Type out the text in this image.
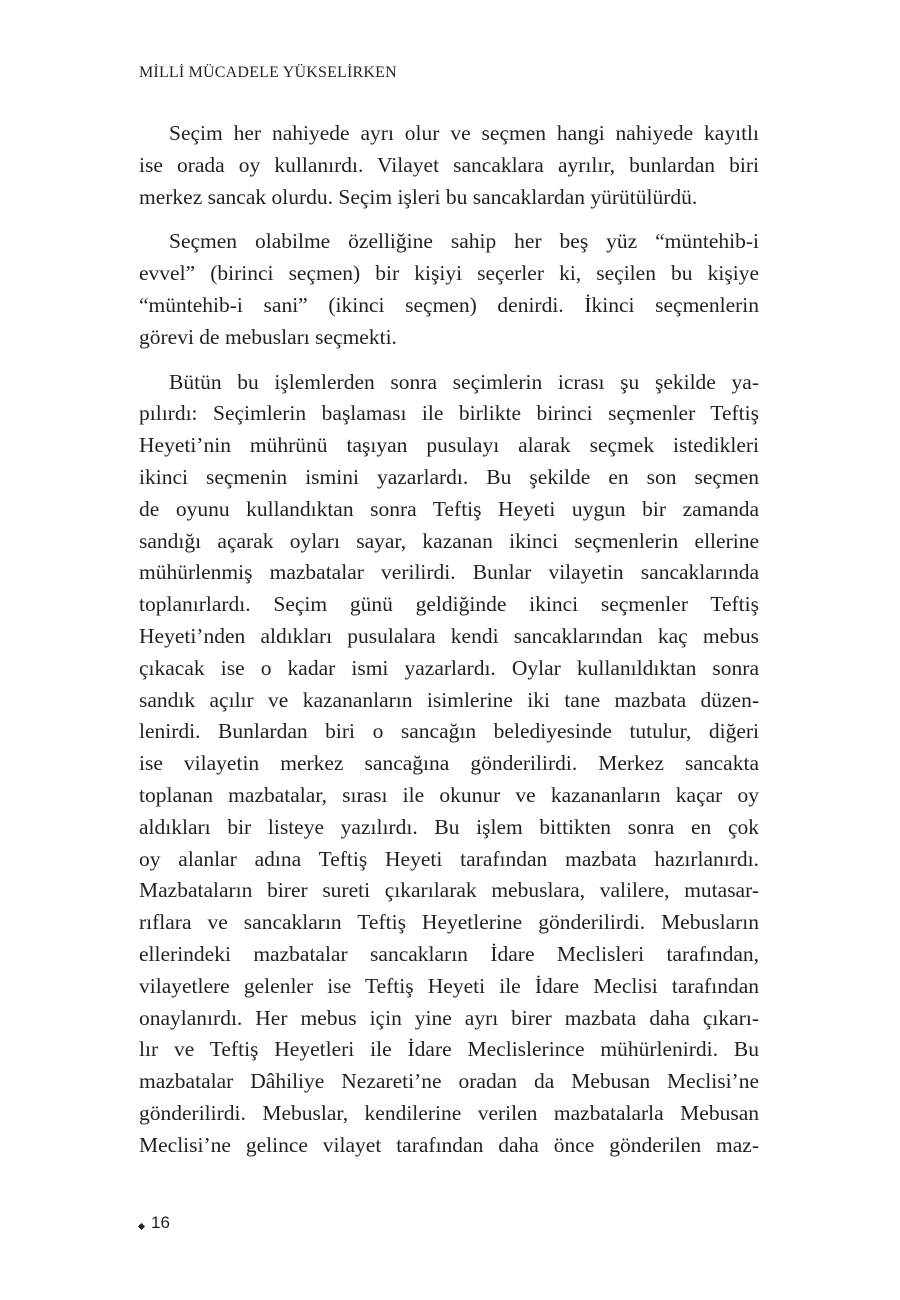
MİLLİ MÜCADELE YÜKSELİRKEN
Seçim her nahiyede ayrı olur ve seçmen hangi nahiyede kayıtlı
ise orada oy kullanırdı. Vilayet sancaklara ayrılır, bunlardan biri
merkez sancak olurdu. Seçim işleri bu sancaklardan yürütülürdü.
Seçmen olabilme özelliğine sahip her beş yüz “müntehib-i
evvel” (birinci seçmen) bir kişiyi seçerler ki, seçilen bu kişiye
“müntehib-i sani” (ikinci seçmen) denirdi. İkinci seçmenlerin
görevi de mebusları seçmekti.
Bütün bu işlemlerden sonra seçimlerin icrası şu şekilde ya-
pılırdı: Seçimlerin başlaması ile birlikte birinci seçmenler Teftiş
Heyeti’nin mührünü taşıyan pusulayı alarak seçmek istedikleri
ikinci seçmenin ismini yazarlardı. Bu şekilde en son seçmen
de oyunu kullandıktan sonra Teftiş Heyeti uygun bir zamanda
sandığı açarak oyları sayar, kazanan ikinci seçmenlerin ellerine
mühürlenmiş mazbatalar verilirdi. Bunlar vilayetin sancaklarında
toplanırlardı. Seçim günü geldiğinde ikinci seçmenler Teftiş
Heyeti’nden aldıkları pusulalara kendi sancaklarından kaç mebus
çıkacak ise o kadar ismi yazarlardı. Oylar kullanıldıktan sonra
sandık açılır ve kazananların isimlerine iki tane mazbata düzen-
lenirdi. Bunlardan biri o sancağın belediyesinde tutulur, diğeri
ise vilayetin merkez sancağına gönderilirdi. Merkez sancakta
toplanan mazbatalar, sırası ile okunur ve kazananların kaçar oy
aldıkları bir listeye yazılırdı. Bu işlem bittikten sonra en çok
oy alanlar adına Teftiş Heyeti tarafından mazbata hazırlanırdı.
Mazbataların birer sureti çıkarılarak mebuslara, valilere, mutasar-
rıflara ve sancakların Teftiş Heyetlerine gönderilirdi. Mebusların
ellerindeki mazbatalar sancakların İdare Meclisleri tarafından,
vilayetlere gelenler ise Teftiş Heyeti ile İdare Meclisi tarafından
onaylanırdı. Her mebus için yine ayrı birer mazbata daha çıkarı-
lır ve Teftiş Heyetleri ile İdare Meclislerince mühürlenirdi. Bu
mazbatalar Dâhiliye Nezareti’ne oradan da Mebusan Meclisi’ne
gönderilirdi. Mebuslar, kendilerine verilen mazbatalarla Mebusan
Meclisi’ne gelince vilayet tarafından daha önce gönderilen maz-
16
